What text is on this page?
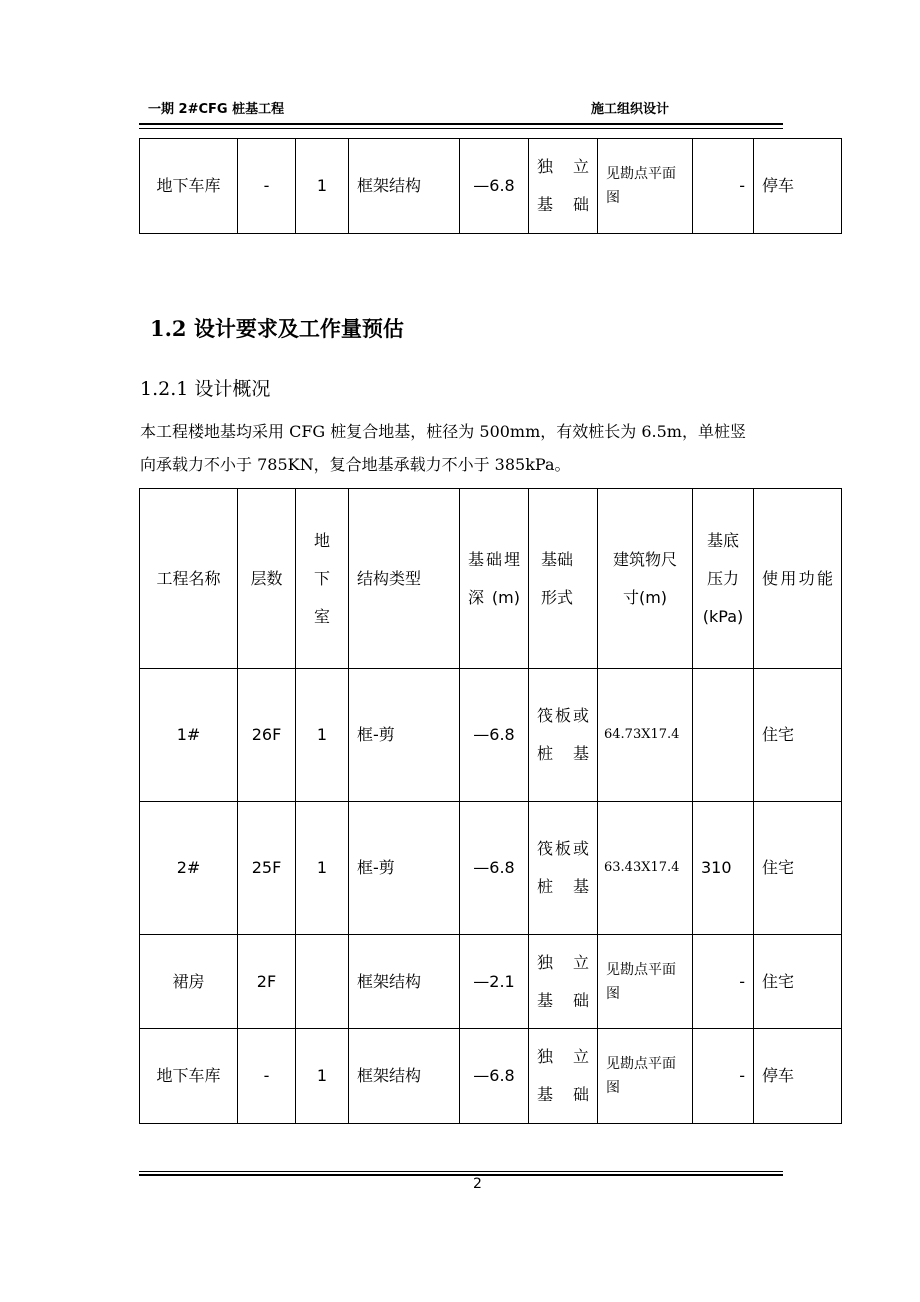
一期 2#CFG 桩基工程	施工组织设计
地下车库	-	1	框架结构	—6.8	独 立 基础	见勘点平面图	-	停车
1.2 设计要求及工作量预估
1.2.1 设计概况
本工程楼地基均采用 CFG 桩复合地基，桩径为 500mm，有效桩长为 6.5m，单桩竖
向承载力不小于 785KN，复合地基承载力不小于 385kPa。
工程名称	层数	地下室	结构类型	基础埋深(m)	基础形式	建筑物尺寸(m)	基底压力(kPa)	使用功能
1#	26F	1	框-剪	—6.8	筏板或桩基	64.73X17.4		住宅
2#	25F	1	框-剪	—6.8	筏板或桩基	63.43X17.4	310	住宅
裙房	2F		框架结构	—2.1	独 立 基础	见勘点平面图	-	住宅
地下车库	-	1	框架结构	—6.8	独 立 基础	见勘点平面图	-	停车
2
